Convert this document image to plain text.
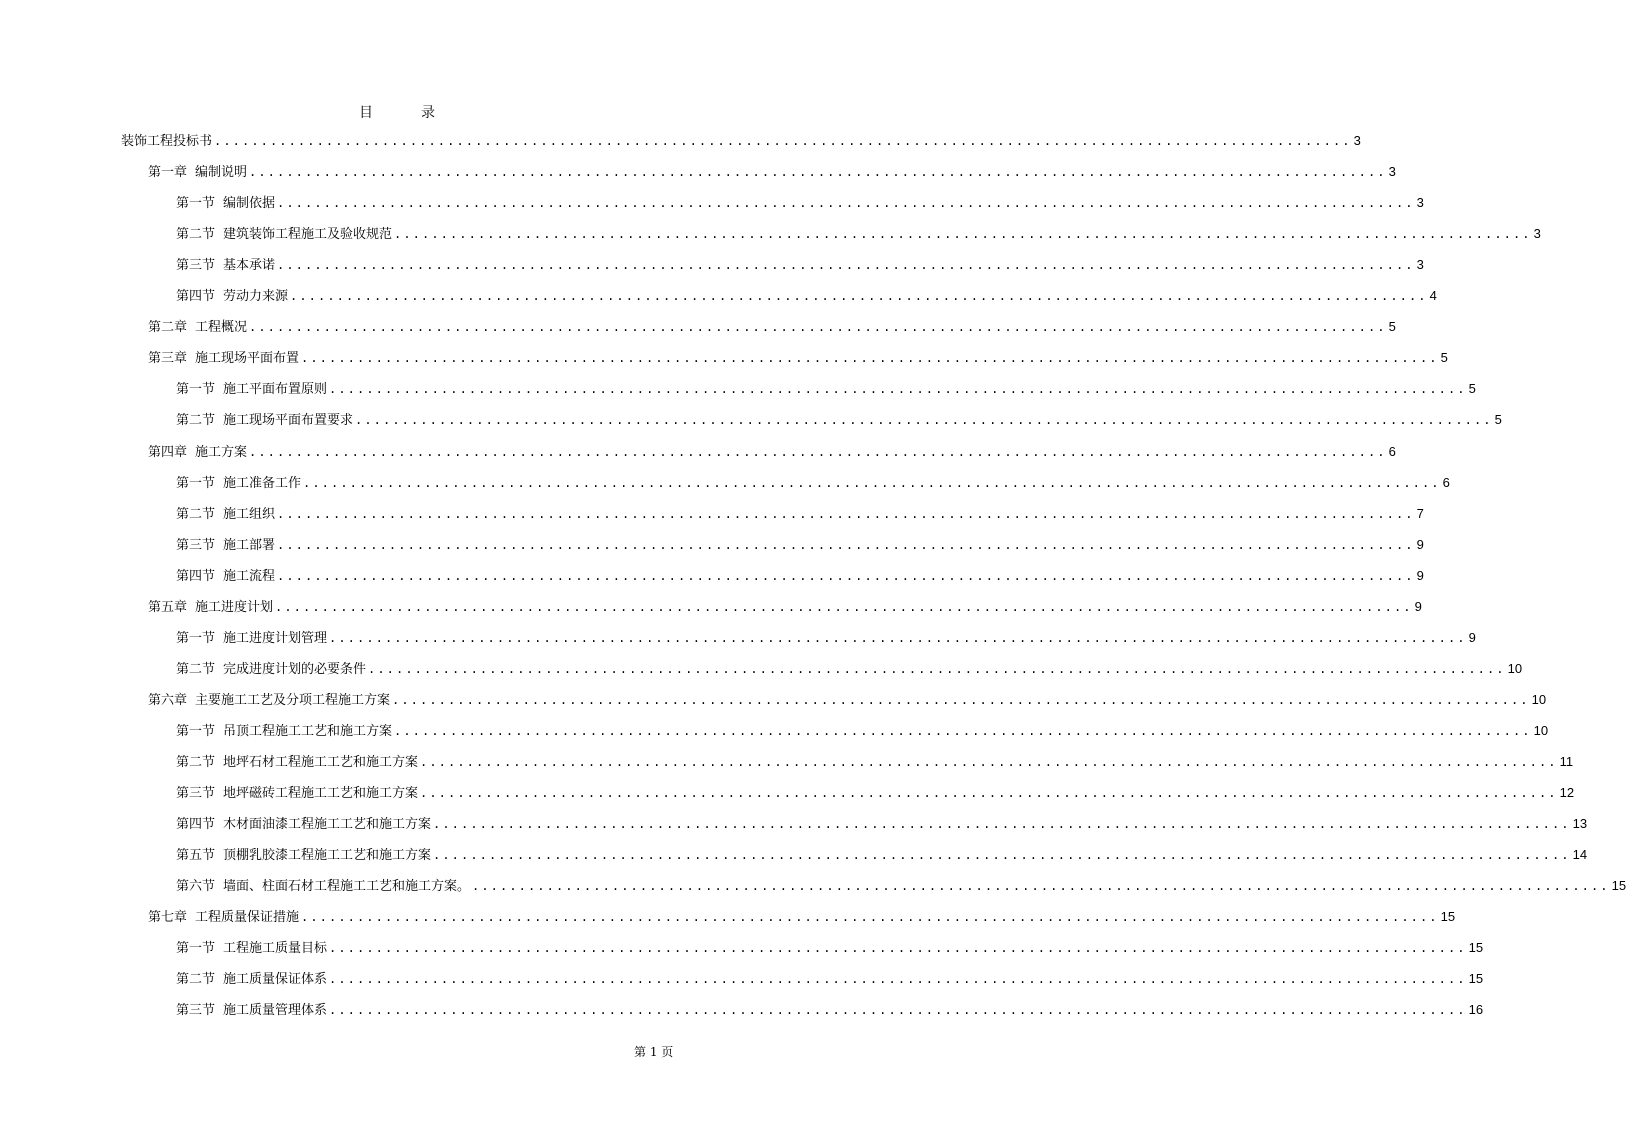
目	录
装饰工程投标书 .......................................................................................................................... 3
第一章 编制说明 .......................................................................................................................... 3
第一节 编制依据 .......................................................................................................................... 3
第二节 建筑装饰工程施工及验收规范 .......................................................................................................................... 3
第三节 基本承诺 .......................................................................................................................... 3
第四节 劳动力来源 .......................................................................................................................... 4
第二章 工程概况 .......................................................................................................................... 5
第三章 施工现场平面布置 .......................................................................................................................... 5
第一节 施工平面布置原则 .......................................................................................................................... 5
第二节 施工现场平面布置要求 .......................................................................................................................... 5
第四章 施工方案 .......................................................................................................................... 6
第一节 施工准备工作 .......................................................................................................................... 6
第二节 施工组织 .......................................................................................................................... 7
第三节 施工部署 .......................................................................................................................... 9
第四节 施工流程 .......................................................................................................................... 9
第五章 施工进度计划 .......................................................................................................................... 9
第一节 施工进度计划管理 .......................................................................................................................... 9
第二节 完成进度计划的必要条件 .......................................................................................................................... 10
第六章 主要施工工艺及分项工程施工方案 .......................................................................................................................... 10
第一节 吊顶工程施工工艺和施工方案 .......................................................................................................................... 10
第二节 地坪石材工程施工工艺和施工方案 .......................................................................................................................... 11
第三节 地坪磁砖工程施工工艺和施工方案 .......................................................................................................................... 12
第四节 木材面油漆工程施工工艺和施工方案 .......................................................................................................................... 13
第五节 顶棚乳胶漆工程施工工艺和施工方案 .......................................................................................................................... 14
第六节 墙面、柱面石材工程施工工艺和施工方案。 .......................................................................................................................... 15
第七章 工程质量保证措施 .......................................................................................................................... 15
第一节 工程施工质量目标 .......................................................................................................................... 15
第二节 施工质量保证体系 .......................................................................................................................... 15
第三节 施工质量管理体系 .......................................................................................................................... 16
第 1 页
